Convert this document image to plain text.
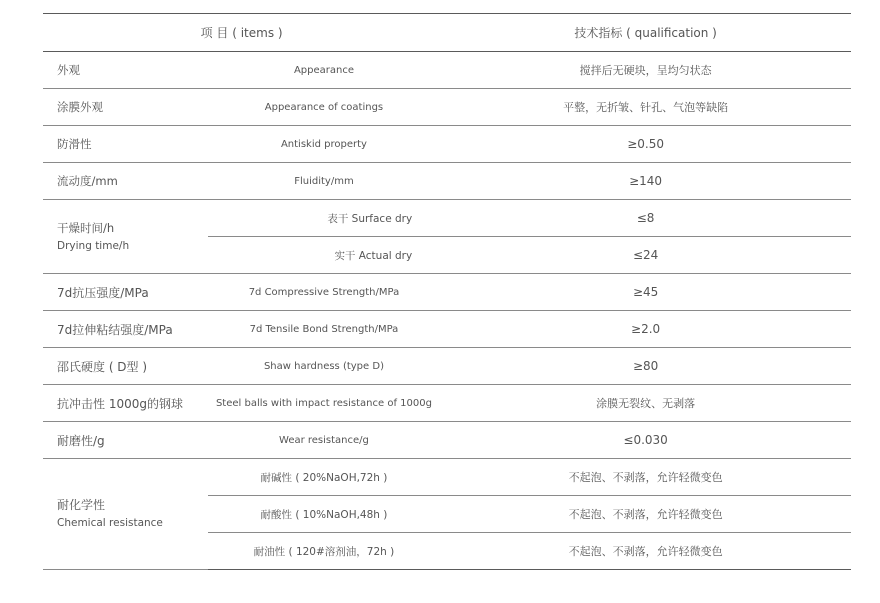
项 目 ( items )		技术指标 ( qualification )
外观	Appearance	搅拌后无硬块，呈均匀状态
涂膜外观	Appearance of coatings	平整，无折皱、针孔、气泡等缺陷
防滑性	Antiskid property	≥0.50
流动度/mm	Fluidity/mm	≥140

干燥时间/h
Drying time/h	表干 Surface dry	≤8
	实干 Actual dry	≤24
7d抗压强度/MPa	7d Compressive Strength/MPa	≥45
7d拉伸粘结强度/MPa	7d Tensile Bond Strength/MPa	≥2.0
邵氏硬度 ( D型 )	Shaw hardness (type D)	≥80
抗冲击性 1000g的钢球	Steel balls with impact resistance of 1000g	涂膜无裂纹、无剥落
耐磨性/g	Wear resistance/g	≤0.030

耐化学性
Chemical resistance	耐碱性 ( 20%NaOH,72h )	不起泡、不剥落，允许轻微变色
	耐酸性 ( 10%NaOH,48h )	不起泡、不剥落，允许轻微变色
	耐油性 ( 120#溶剂油，72h )	不起泡、不剥落，允许轻微变色
